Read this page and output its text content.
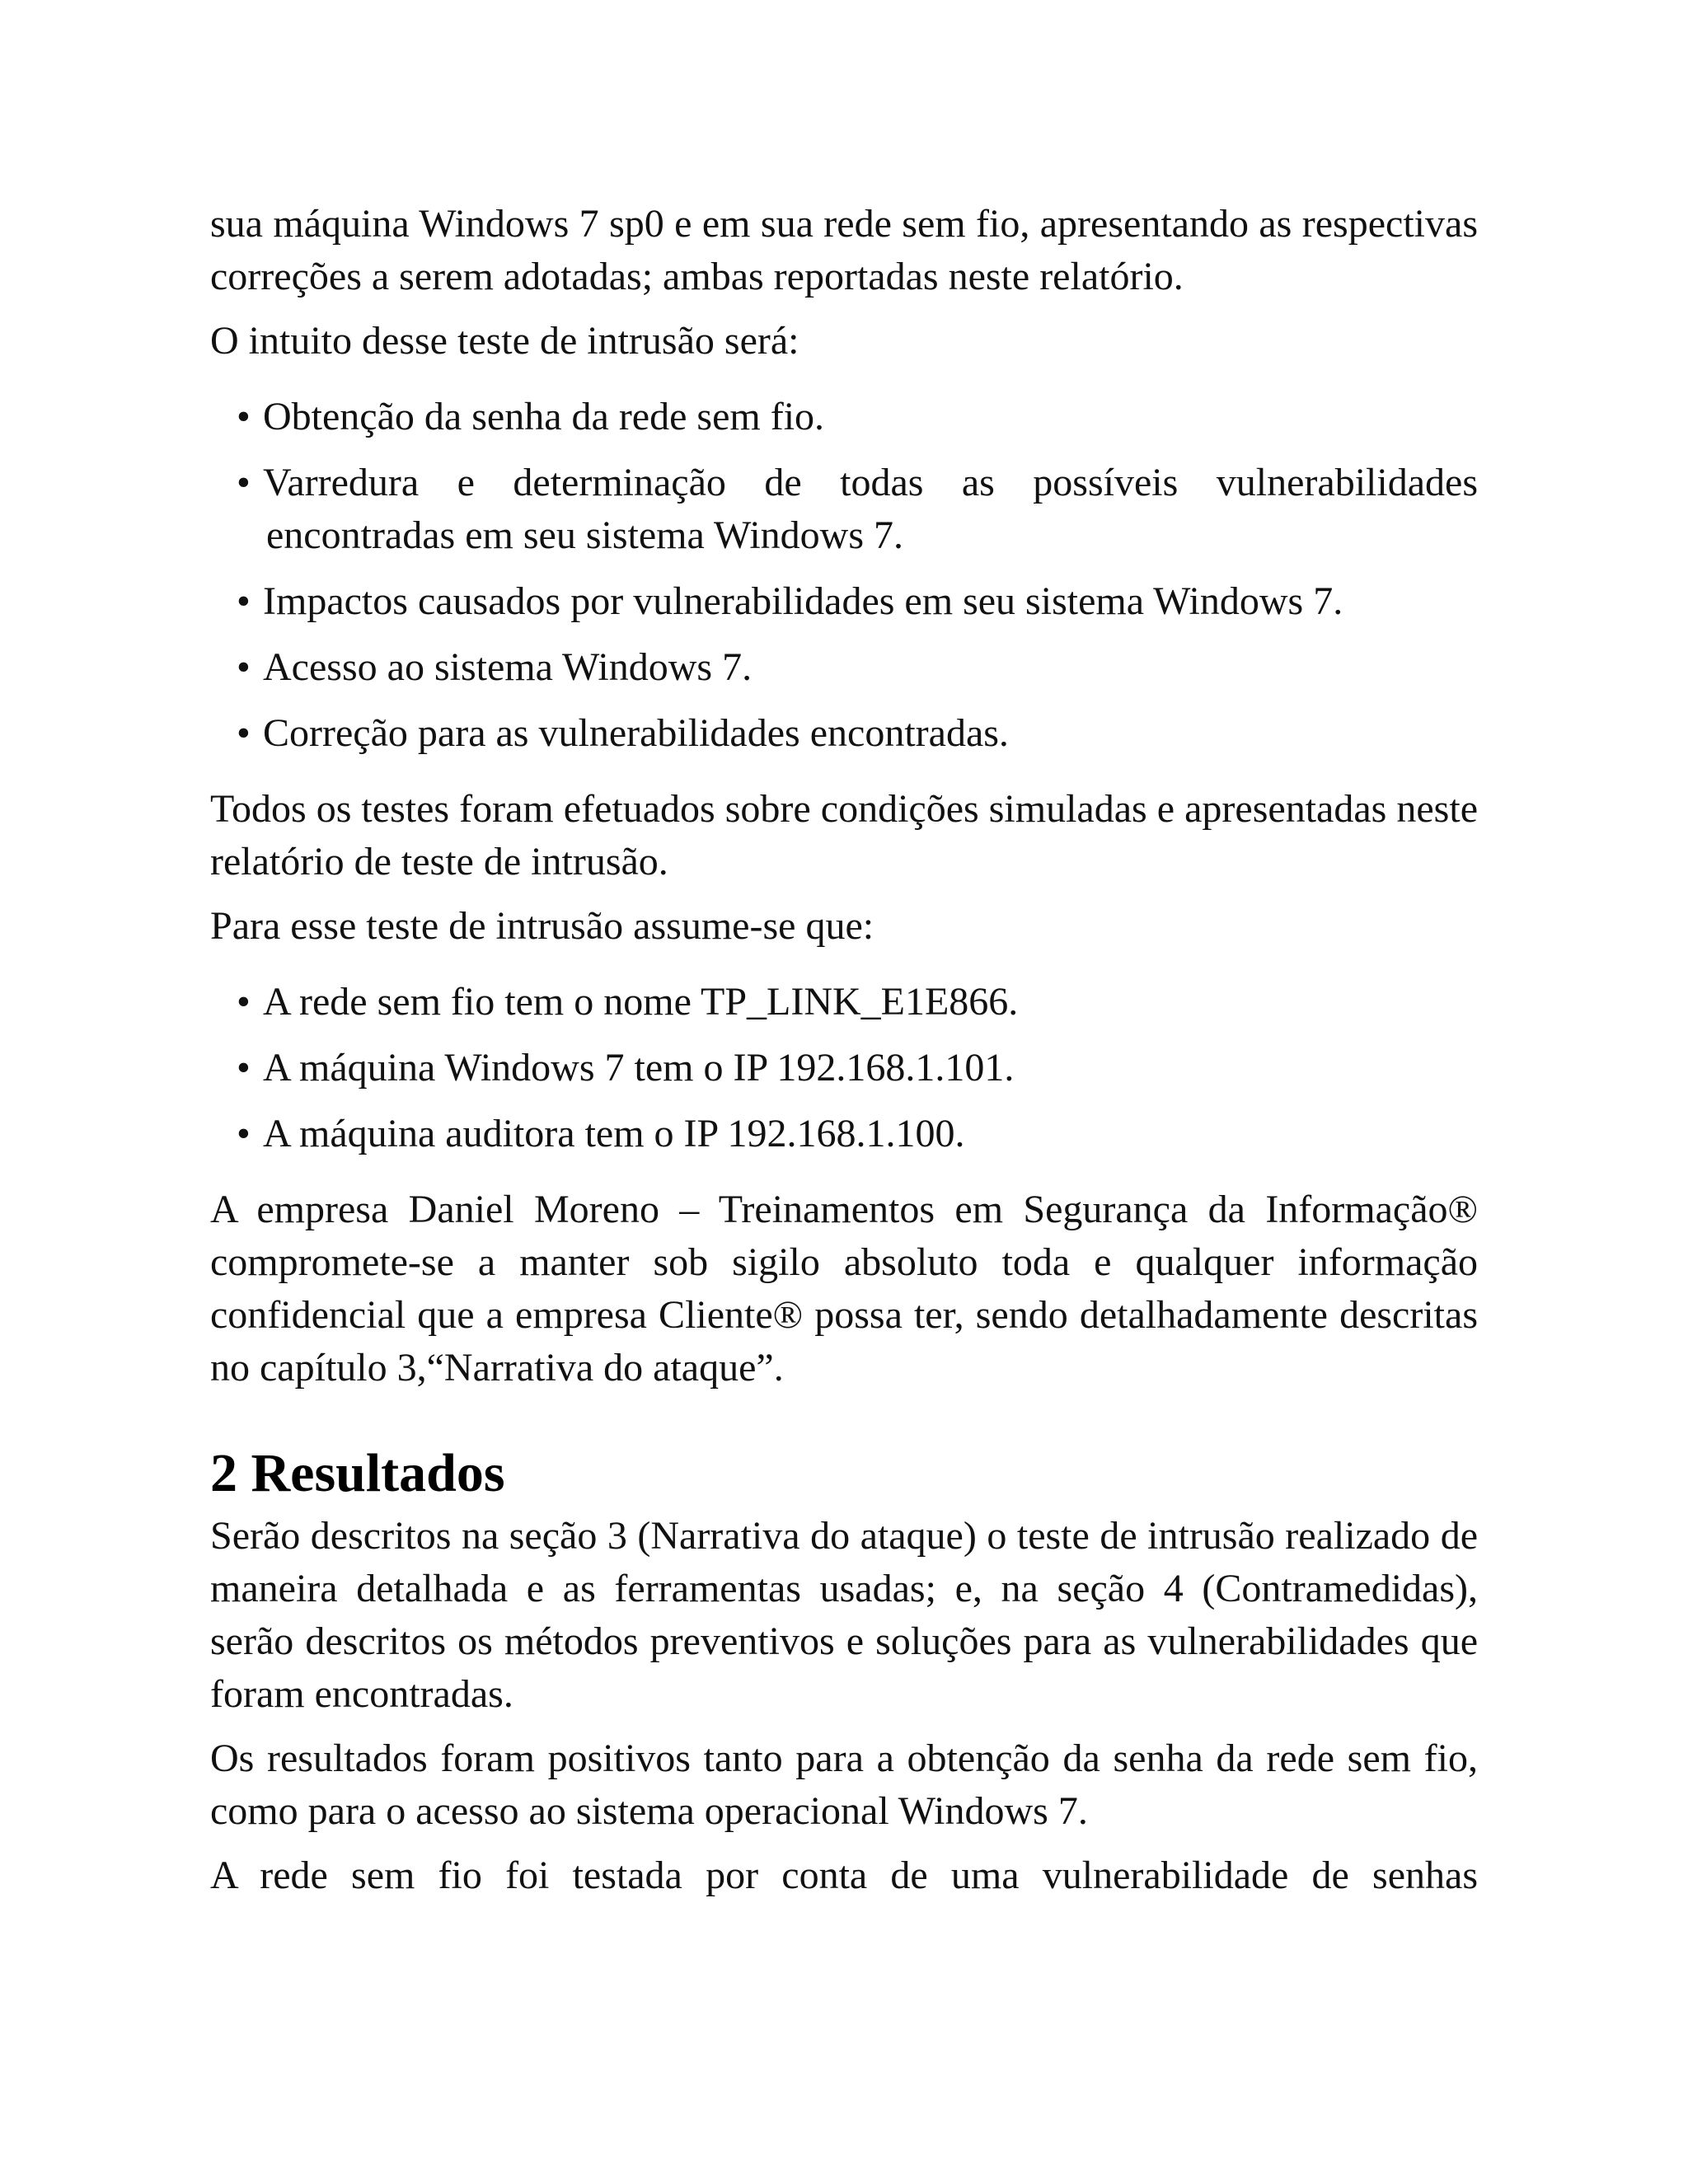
sua máquina Windows 7 sp0 e em sua rede sem fio, apresentando as respectivas correções a serem adotadas; ambas reportadas neste relatório.

O intuito desse teste de intrusão será:

• Obtenção da senha da rede sem fio.
• Varredura e determinação de todas as possíveis vulnerabilidades encontradas em seu sistema Windows 7.
• Impactos causados por vulnerabilidades em seu sistema Windows 7.
• Acesso ao sistema Windows 7.
• Correção para as vulnerabilidades encontradas.

Todos os testes foram efetuados sobre condições simuladas e apresentadas neste relatório de teste de intrusão.

Para esse teste de intrusão assume-se que:

• A rede sem fio tem o nome TP_LINK_E1E866.
• A máquina Windows 7 tem o IP 192.168.1.101.
• A máquina auditora tem o IP 192.168.1.100.

A empresa Daniel Moreno – Treinamentos em Segurança da Informação® compromete-se a manter sob sigilo absoluto toda e qualquer informação confidencial que a empresa Cliente® possa ter, sendo detalhadamente descritas no capítulo 3,“Narrativa do ataque”.

2 Resultados

Serão descritos na seção 3 (Narrativa do ataque) o teste de intrusão realizado de maneira detalhada e as ferramentas usadas; e, na seção 4 (Contramedidas), serão descritos os métodos preventivos e soluções para as vulnerabilidades que foram encontradas.

Os resultados foram positivos tanto para a obtenção da senha da rede sem fio, como para o acesso ao sistema operacional Windows 7.

A rede sem fio foi testada por conta de uma vulnerabilidade de senhas
